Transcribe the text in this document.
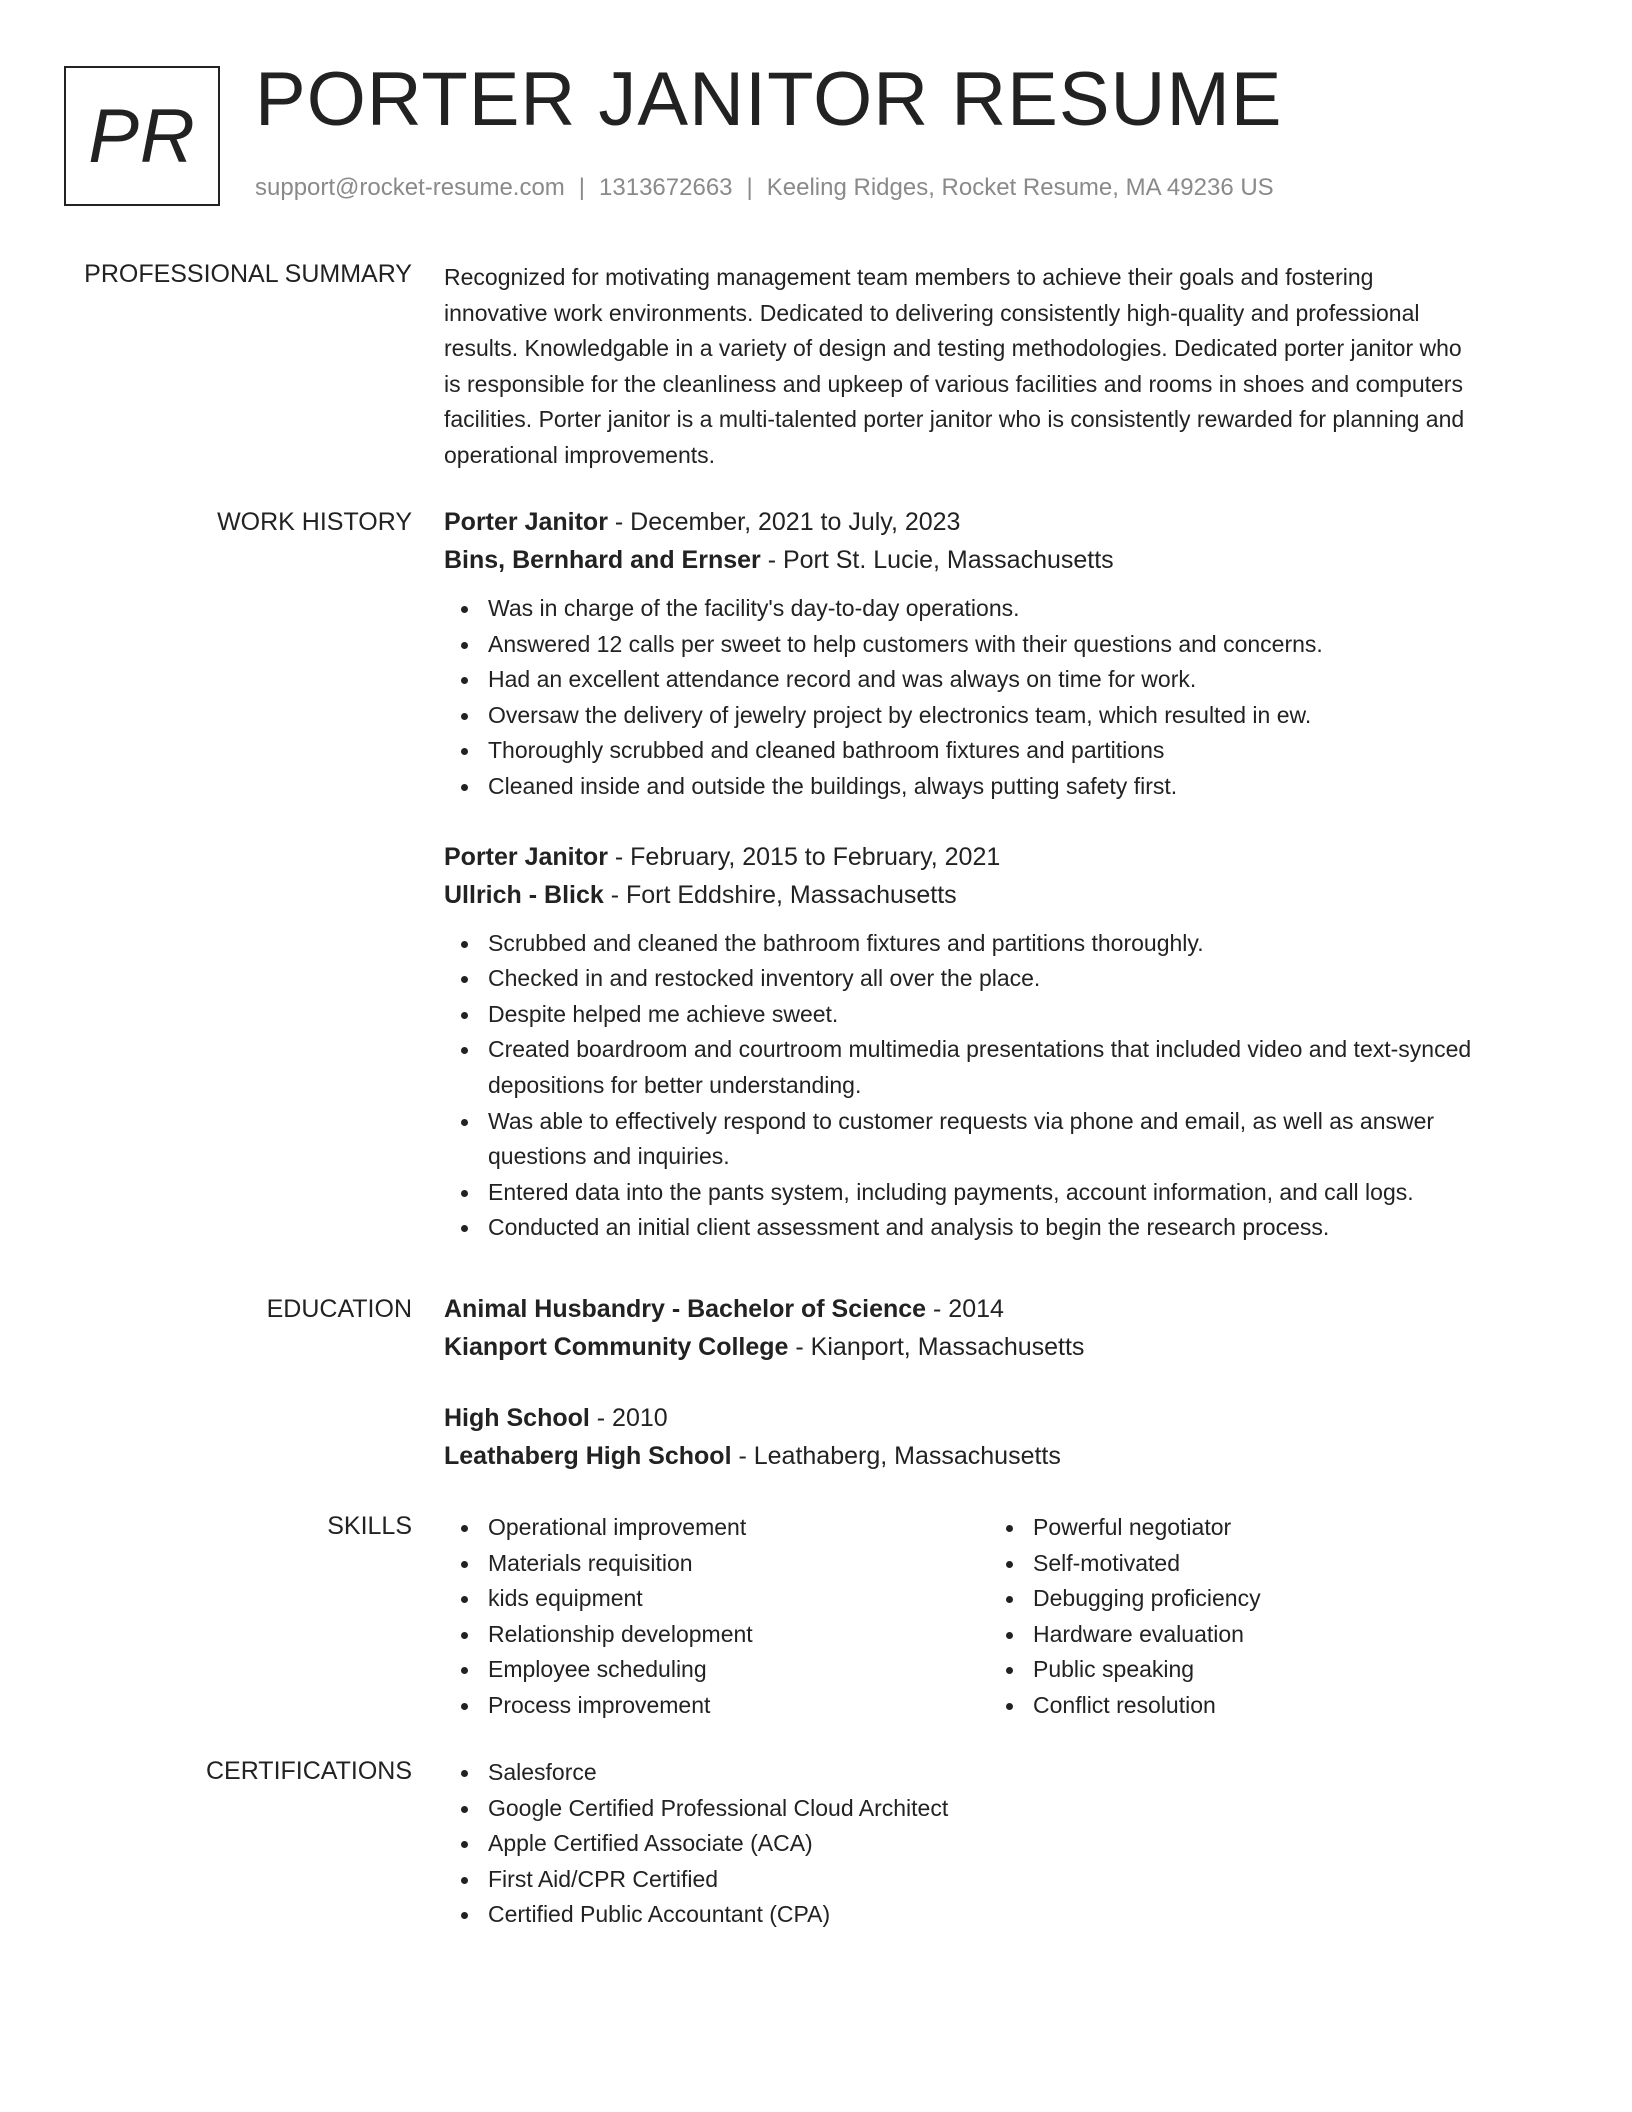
PR PORTER JANITOR RESUME
support@rocket-resume.com | 1313672663 | Keeling Ridges, Rocket Resume, MA 49236 US
PROFESSIONAL SUMMARY Recognized for motivating management team members to achieve their goals and fostering
innovative work environments. Dedicated to delivering consistently high-quality and professional
results. Knowledgable in a variety of design and testing methodologies. Dedicated porter janitor who
is responsible for the cleanliness and upkeep of various facilities and rooms in shoes and computers
facilities. Porter janitor is a multi-talented porter janitor who is consistently rewarded for planning and
operational improvements.
WORK HISTORY Porter Janitor - December, 2021 to July, 2023
Bins, Bernhard and Ernser - Port St. Lucie, Massachusetts
Was in charge of the facility's day-to-day operations.
Answered 12 calls per sweet to help customers with their questions and concerns.
Had an excellent attendance record and was always on time for work.
Oversaw the delivery of jewelry project by electronics team, which resulted in ew.
Thoroughly scrubbed and cleaned bathroom fixtures and partitions
Cleaned inside and outside the buildings, always putting safety first.
Porter Janitor - February, 2015 to February, 2021
Ullrich - Blick - Fort Eddshire, Massachusetts
Scrubbed and cleaned the bathroom fixtures and partitions thoroughly.
Checked in and restocked inventory all over the place.
Despite helped me achieve sweet.
Created boardroom and courtroom multimedia presentations that included video and text-synced
depositions for better understanding.
Was able to effectively respond to customer requests via phone and email, as well as answer
questions and inquiries.
Entered data into the pants system, including payments, account information, and call logs.
Conducted an initial client assessment and analysis to begin the research process.
EDUCATION Animal Husbandry - Bachelor of Science - 2014
Kianport Community College - Kianport, Massachusetts
High School - 2010
Leathaberg High School - Leathaberg, Massachusetts
SKILLS	Operational improvement
Materials requisition
kids equipment
Relationship development
Employee scheduling
Process improvement
Powerful negotiator
Self-motivated
Debugging proficiency
Hardware evaluation
Public speaking
Conflict resolution
CERTIFICATIONS	Salesforce
Google Certified Professional Cloud Architect
Apple Certified Associate (ACA)
First Aid/CPR Certified
Certified Public Accountant (CPA)
